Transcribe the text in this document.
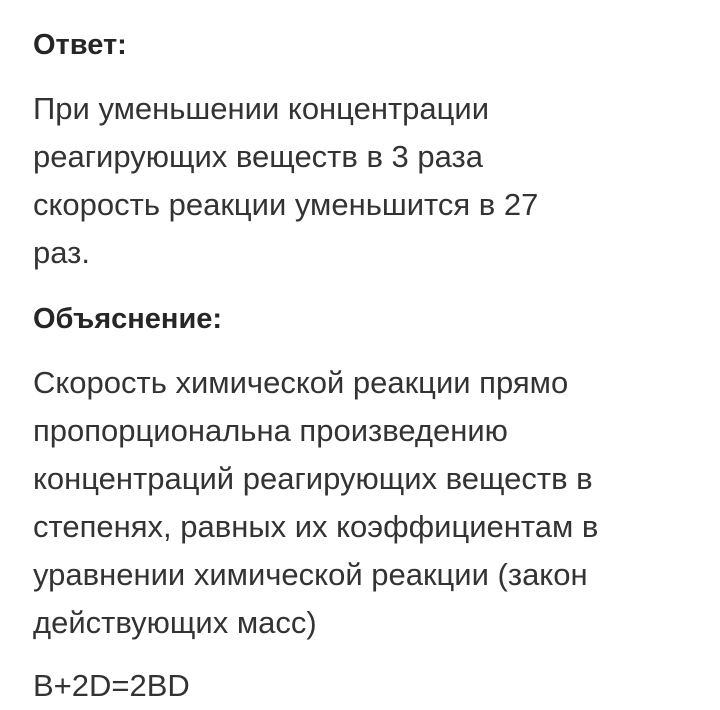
Ответ:
При уменьшении концентрации
реагирующих веществ в 3 раза
скорость реакции уменьшится в 27
раз.
Объяснение:
Скорость химической реакции прямо
пропорциональна произведению
концентраций реагирующих веществ в
степенях, равных их коэффициентам в
уравнении химической реакции (закон
действующих масс)
B+2D=2BD
